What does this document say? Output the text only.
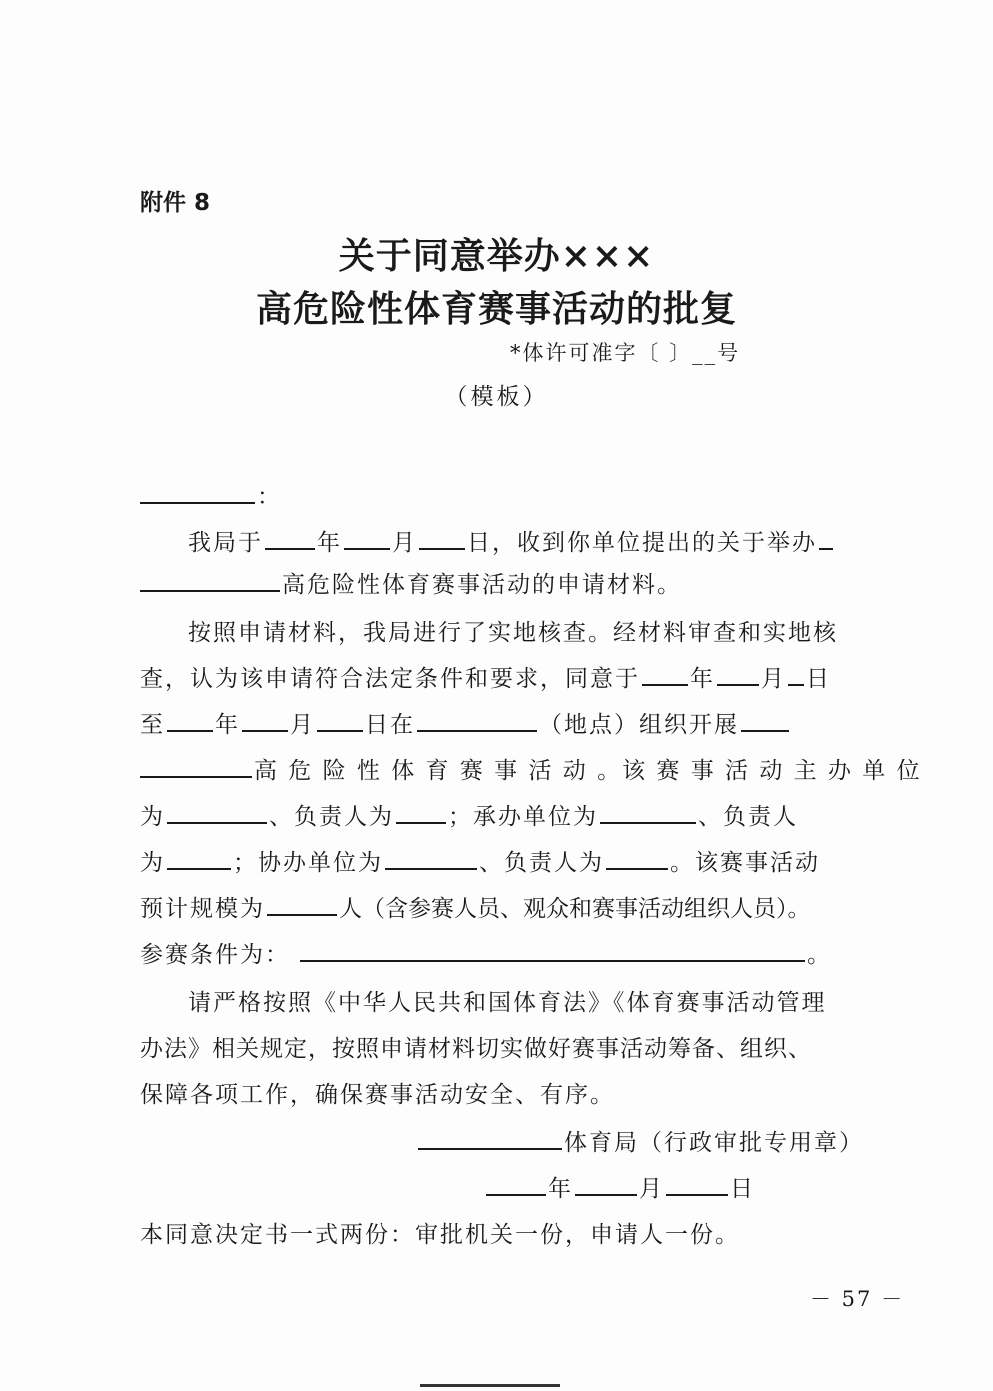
附件 8
关于同意举办×××
高危险性体育赛事活动的批复
*体许可准字〔 〕__号
（模板）
：
我局于 年 月 日，收到你单位提出的关于举办
高危险性体育赛事活动的申请材料。
按照申请材料，我局进行了实地核查。经材料审查和实地核
查，认为该申请符合法定条件和要求，同意于 年 月 日
至 年 月 日在	（地点）组织开展
高 危 险 性 体 育 赛 事 活 动 。该 赛 事 活 动 主 办 单 位
为	、负责人为 ；承办单位为	、负责人
为	；协办单位为	、负责人为	。该赛事活动
预计规模为	人（含参赛人员、观众和赛事活动组织人员）。
参赛条件为：	。
请严格按照《中华人民共和国体育法》《体育赛事活动管理
办法》相关规定，按照申请材料切实做好赛事活动筹备、组织、
保障各项工作，确保赛事活动安全、有序。
体育局（行政审批专用章）
年	月	日
本同意决定书一式两份：审批机关一份，申请人一份。
－ 57 －
